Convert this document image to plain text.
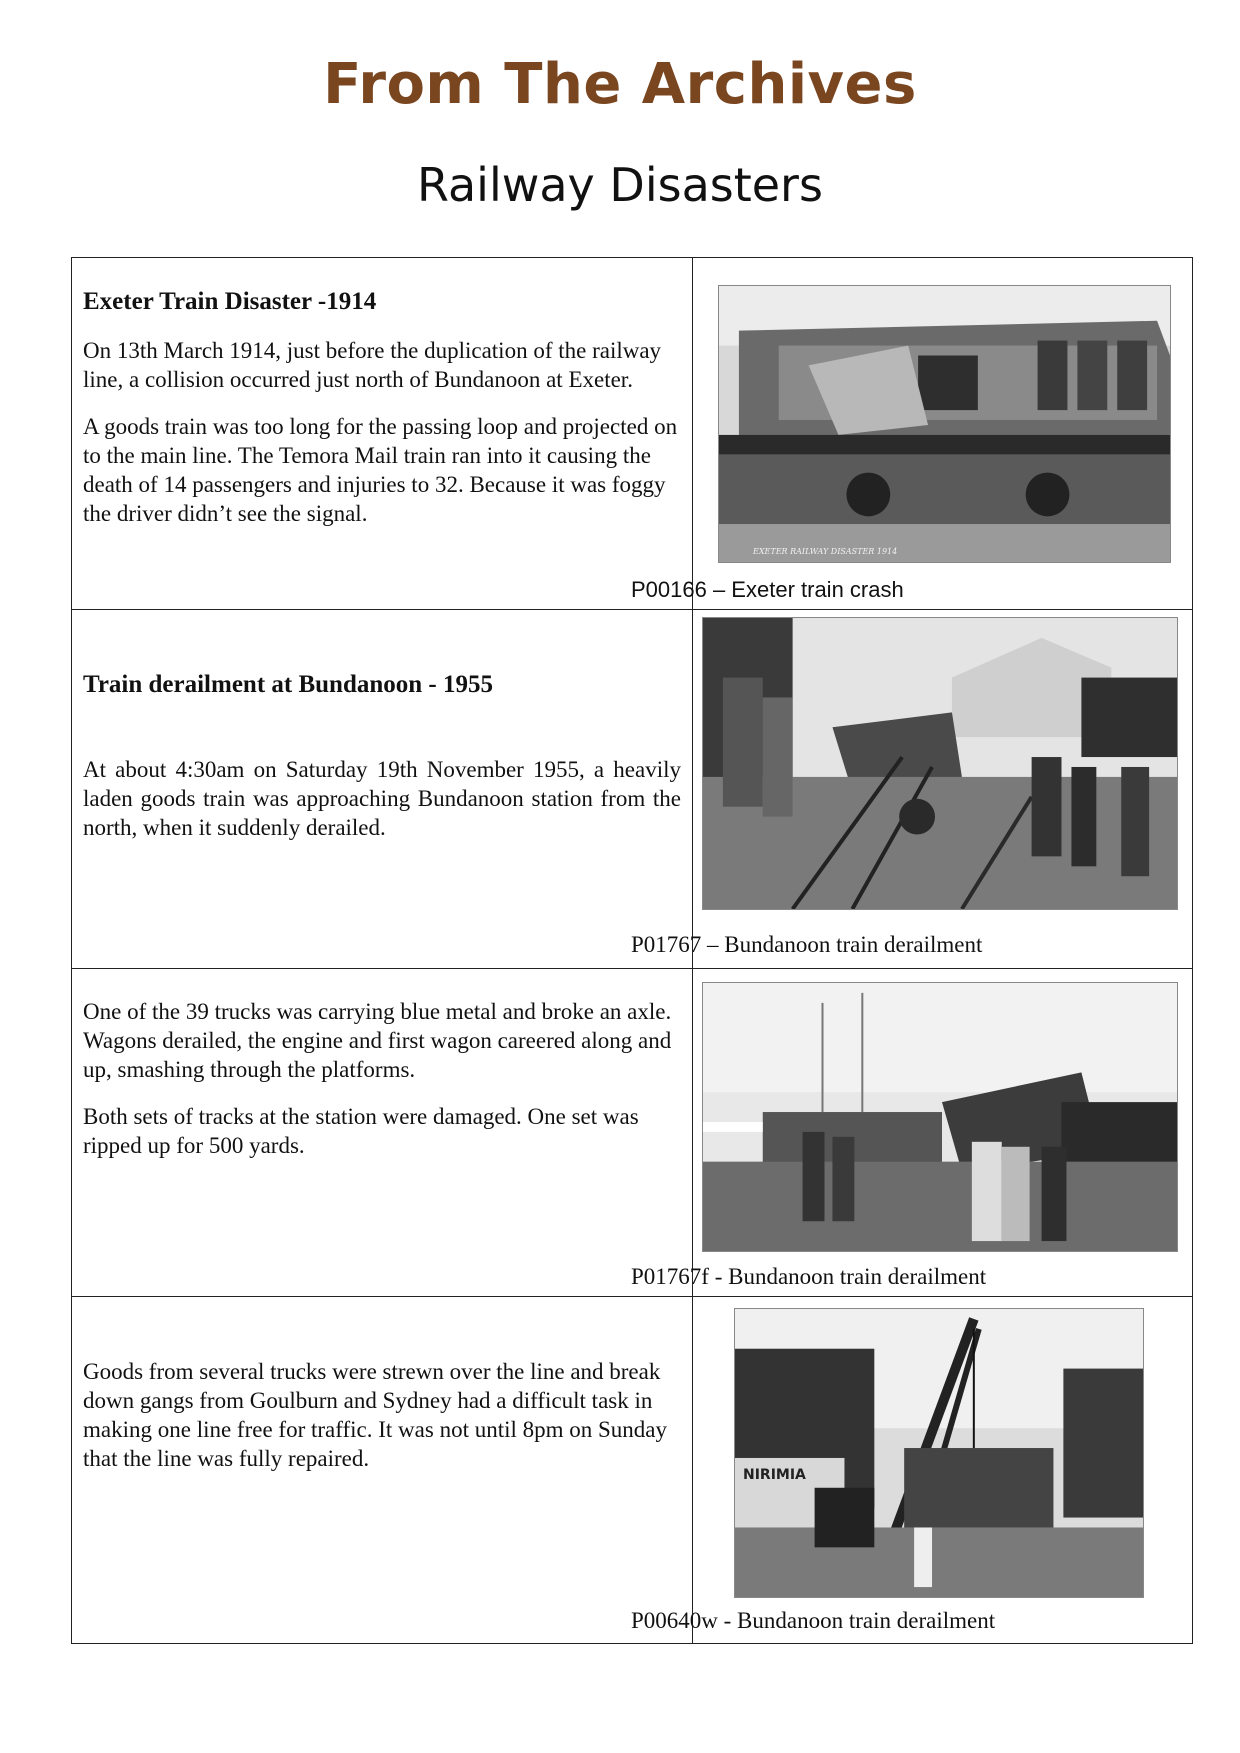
From The Archives
Railway Disasters
Exeter Train Disaster -1914

On 13th March 1914, just before the duplication of the railway line, a collision occurred just north of Bundanoon at Exeter.

A goods train was too long for the passing loop and projected on to the main line. The Temora Mail train ran into it causing the death of 14 passengers and injuries to 32. Because it was foggy the driver didn’t see the signal.

Train derailment at Bundanoon - 1955

At about 4:30am on Saturday 19th November 1955, a heavily laden goods train was approaching Bundanoon station from the north, when it suddenly derailed.

One of the 39 trucks was carrying blue metal and broke an axle. Wagons derailed, the engine and first wagon careered along and up, smashing through the platforms.

Both sets of tracks at the station were damaged. One set was ripped up for 500 yards.

Goods from several trucks were strewn over the line and break down gangs from Goulburn and Sydney had a difficult task in making one line free for traffic. It was not until 8pm on Sunday that the line was fully repaired.

EXETER RAILWAY DISASTER 1914
P00166 – Exeter train crash
P01767 – Bundanoon train derailment
P01767f - Bundanoon train derailment
NIRIMIA
P00640w - Bundanoon train derailment
